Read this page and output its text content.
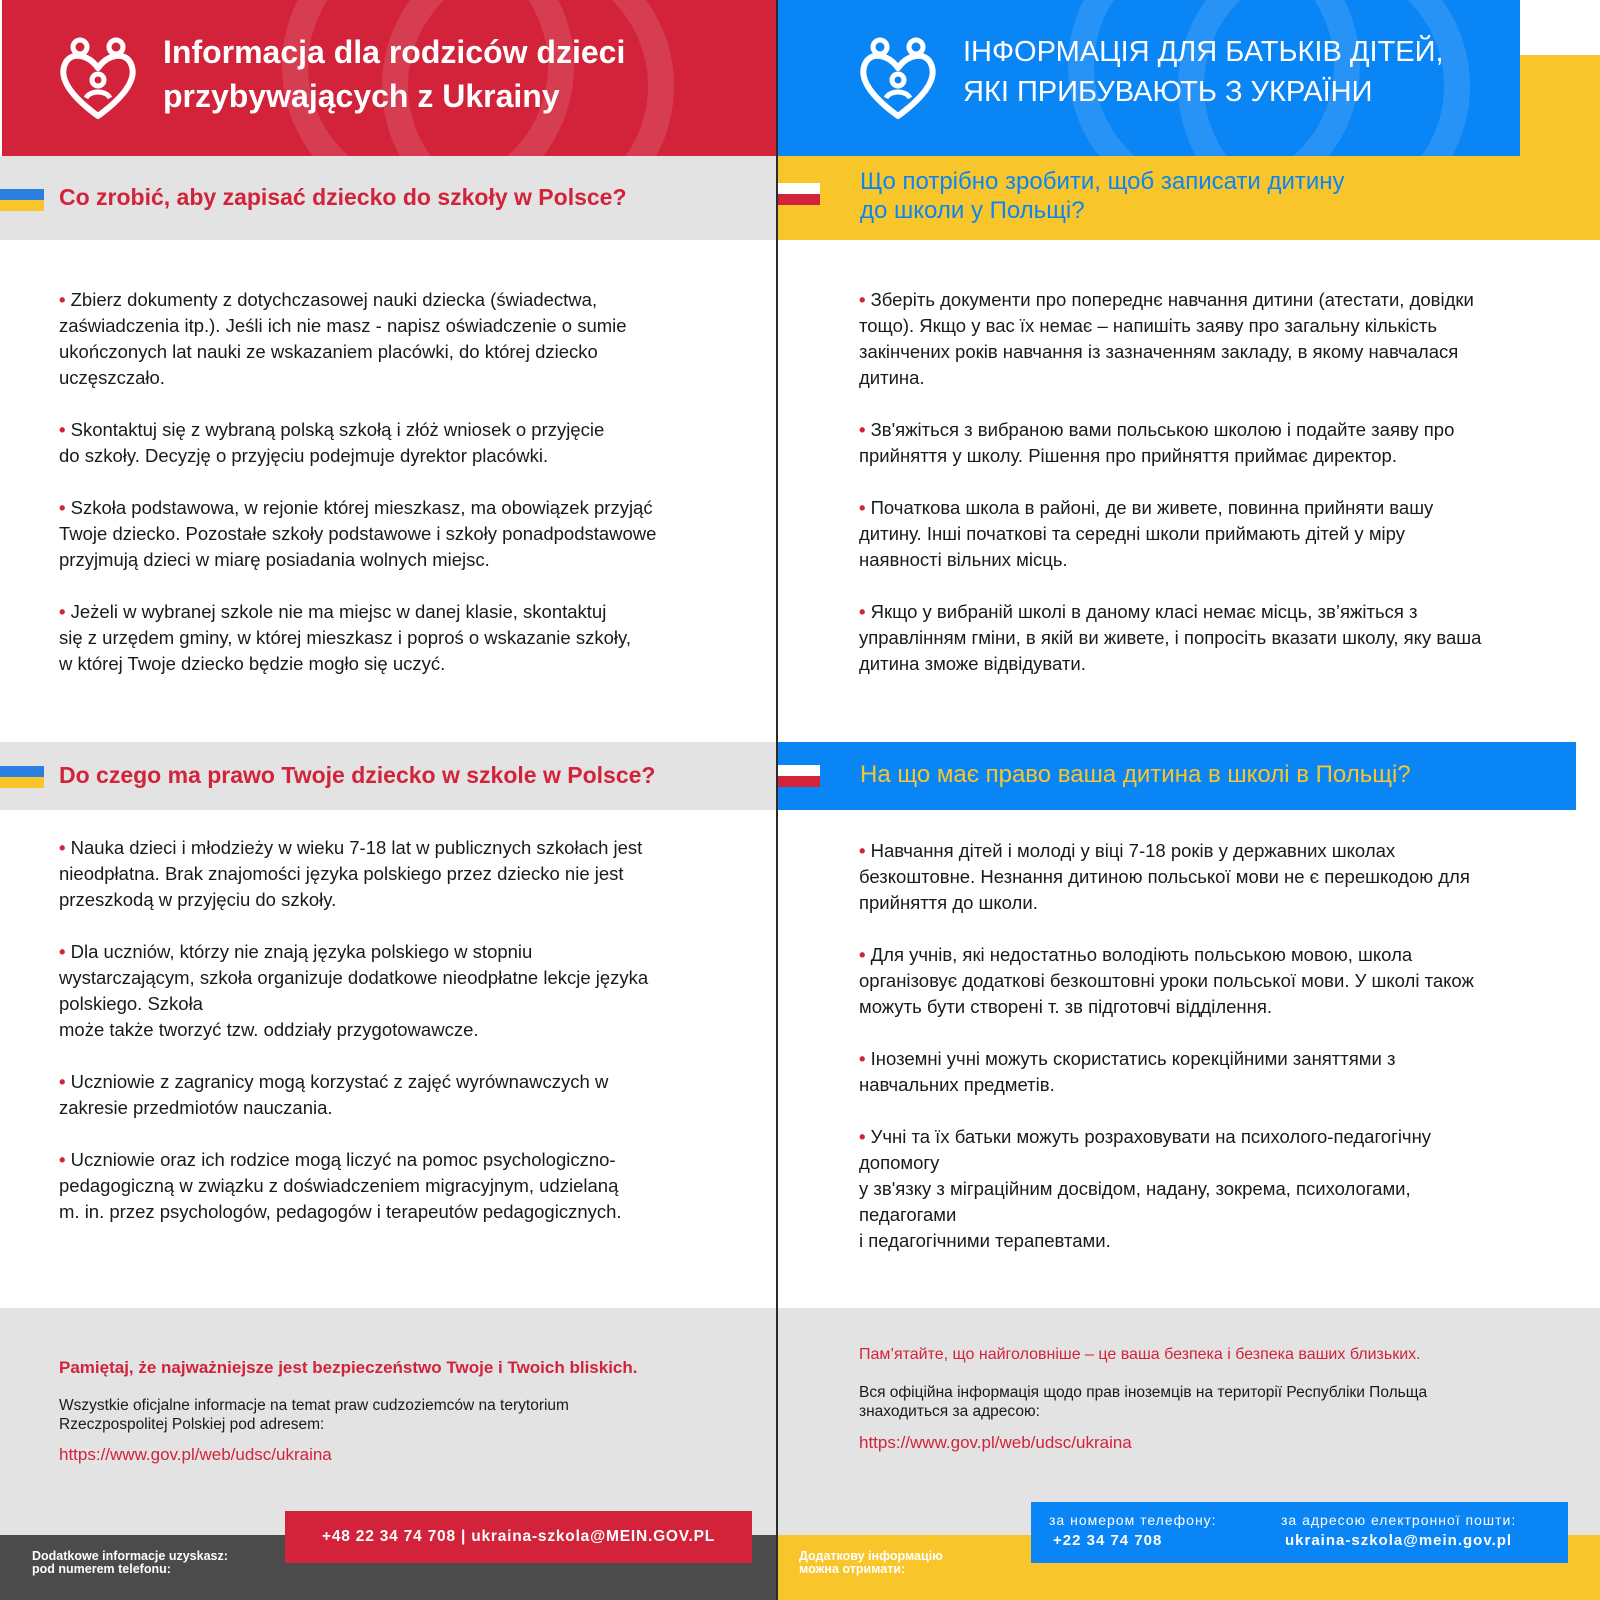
Informacja dla rodziców dzieci
przybywających z Ukrainy
ІНФОРМАЦІЯ ДЛЯ БАТЬКІВ ДІТЕЙ,
ЯКІ ПРИБУВАЮТЬ З УКРАЇНИ
Co zrobić, aby zapisać dziecko do szkoły w Polsce?
Що потрібно зробити, щоб записати дитину
до школи у Польщі?
• Zbierz dokumenty z dotychczasowej nauki dziecka (świadectwa,
zaświadczenia itp.). Jeśli ich nie masz - napisz oświadczenie o sumie
ukończonych lat nauki ze wskazaniem placówki, do której dziecko
uczęszczało.
• Skontaktuj się z wybraną polską szkołą i złóż wniosek o przyjęcie
do szkoły. Decyzję o przyjęciu podejmuje dyrektor placówki.
• Szkoła podstawowa, w rejonie której mieszkasz, ma obowiązek przyjąć
Twoje dziecko. Pozostałe szkoły podstawowe i szkoły ponadpodstawowe
przyjmują dzieci w miarę posiadania wolnych miejsc.
• Jeżeli w wybranej szkole nie ma miejsc w danej klasie, skontaktuj
się z urzędem gminy, w której mieszkasz i poproś o wskazanie szkoły,
w której Twoje dziecko będzie mogło się uczyć.
• Зберіть документи про попереднє навчання дитини (атестати, довідки
тощо). Якщо у вас їх немає – напишіть заяву про загальну кількість
закінчених років навчання із зазначенням закладу, в якому навчалася
дитина.
• Зв'яжіться з вибраною вами польською школою і подайте заяву про
прийняття у школу. Рішення про прийняття приймає директор.
• Початкова школа в районі, де ви живете, повинна прийняти вашу
дитину. Інші початкові та середні школи приймають дітей у міру
наявності вільних місць.
• Якщо у вибраній школі в даному класі немає місць, зв’яжіться з
управлінням гміни, в якій ви живете, і попросіть вказати школу, яку ваша
дитина зможе відвідувати.
Do czego ma prawo Twoje dziecko w szkole w Polsce?	На що має право ваша дитина в школі в Польщі?
• Nauka dzieci i młodzieży w wieku 7-18 lat w publicznych szkołach jest
nieodpłatna. Brak znajomości języka polskiego przez dziecko nie jest
przeszkodą w przyjęciu do szkoły.
• Dla uczniów, którzy nie znają języka polskiego w stopniu
wystarczającym, szkoła organizuje dodatkowe nieodpłatne lekcje języka
polskiego. Szkoła
może także tworzyć tzw. oddziały przygotowawcze.
• Uczniowie z zagranicy mogą korzystać z zajęć wyrównawczych w
zakresie przedmiotów nauczania.
• Uczniowie oraz ich rodzice mogą liczyć na pomoc psychologiczno-
pedagogiczną w związku z doświadczeniem migracyjnym, udzielaną
m. in. przez psychologów, pedagogów i terapeutów pedagogicznych.
• Навчання дітей і молоді у віці 7-18 років у державних школах
безкоштовне. Незнання дитиною польської мови не є перешкодою для
прийняття до школи.
• Для учнів, які недостатньо володіють польською мовою, школа
організовує додаткові безкоштовні уроки польської мови. У школі також
можуть бути створені т. зв підготовчі відділення.
• Іноземні учні можуть скористатись корекційними заняттями з
навчальних предметів.
• Учні та їх батьки можуть розраховувати на психолого-педагогічну
допомогу
у зв'язку з міграційним досвідом, надану, зокрема, психологами,
педагогами
і педагогічними терапевтами.
Pamiętaj, że najważniejsze jest bezpieczeństwo Twoje i Twoich bliskich.
Wszystkie oficjalne informacje na temat praw cudzoziemców na terytorium
Rzeczpospolitej Polskiej pod adresem:
https://www.gov.pl/web/udsc/ukraina
Пам’ятайте, що найголовніше – це ваша безпека і безпека ваших близьких.
Вся офіційна інформація щодо прав іноземців на території Республіки Польща
знаходиться за адресою:
https://www.gov.pl/web/udsc/ukraina
Dodatkowe informacje uzyskasz:
pod numerem telefonu:
+48 22 34 74 708 | ukraina-szkola@MEIN.GOV.PL
Додаткову інформацію
можна отримати:
за номером телефону:
+22 34 74 708
за адресою електронної пошти:
ukraina-szkola@mein.gov.pl
